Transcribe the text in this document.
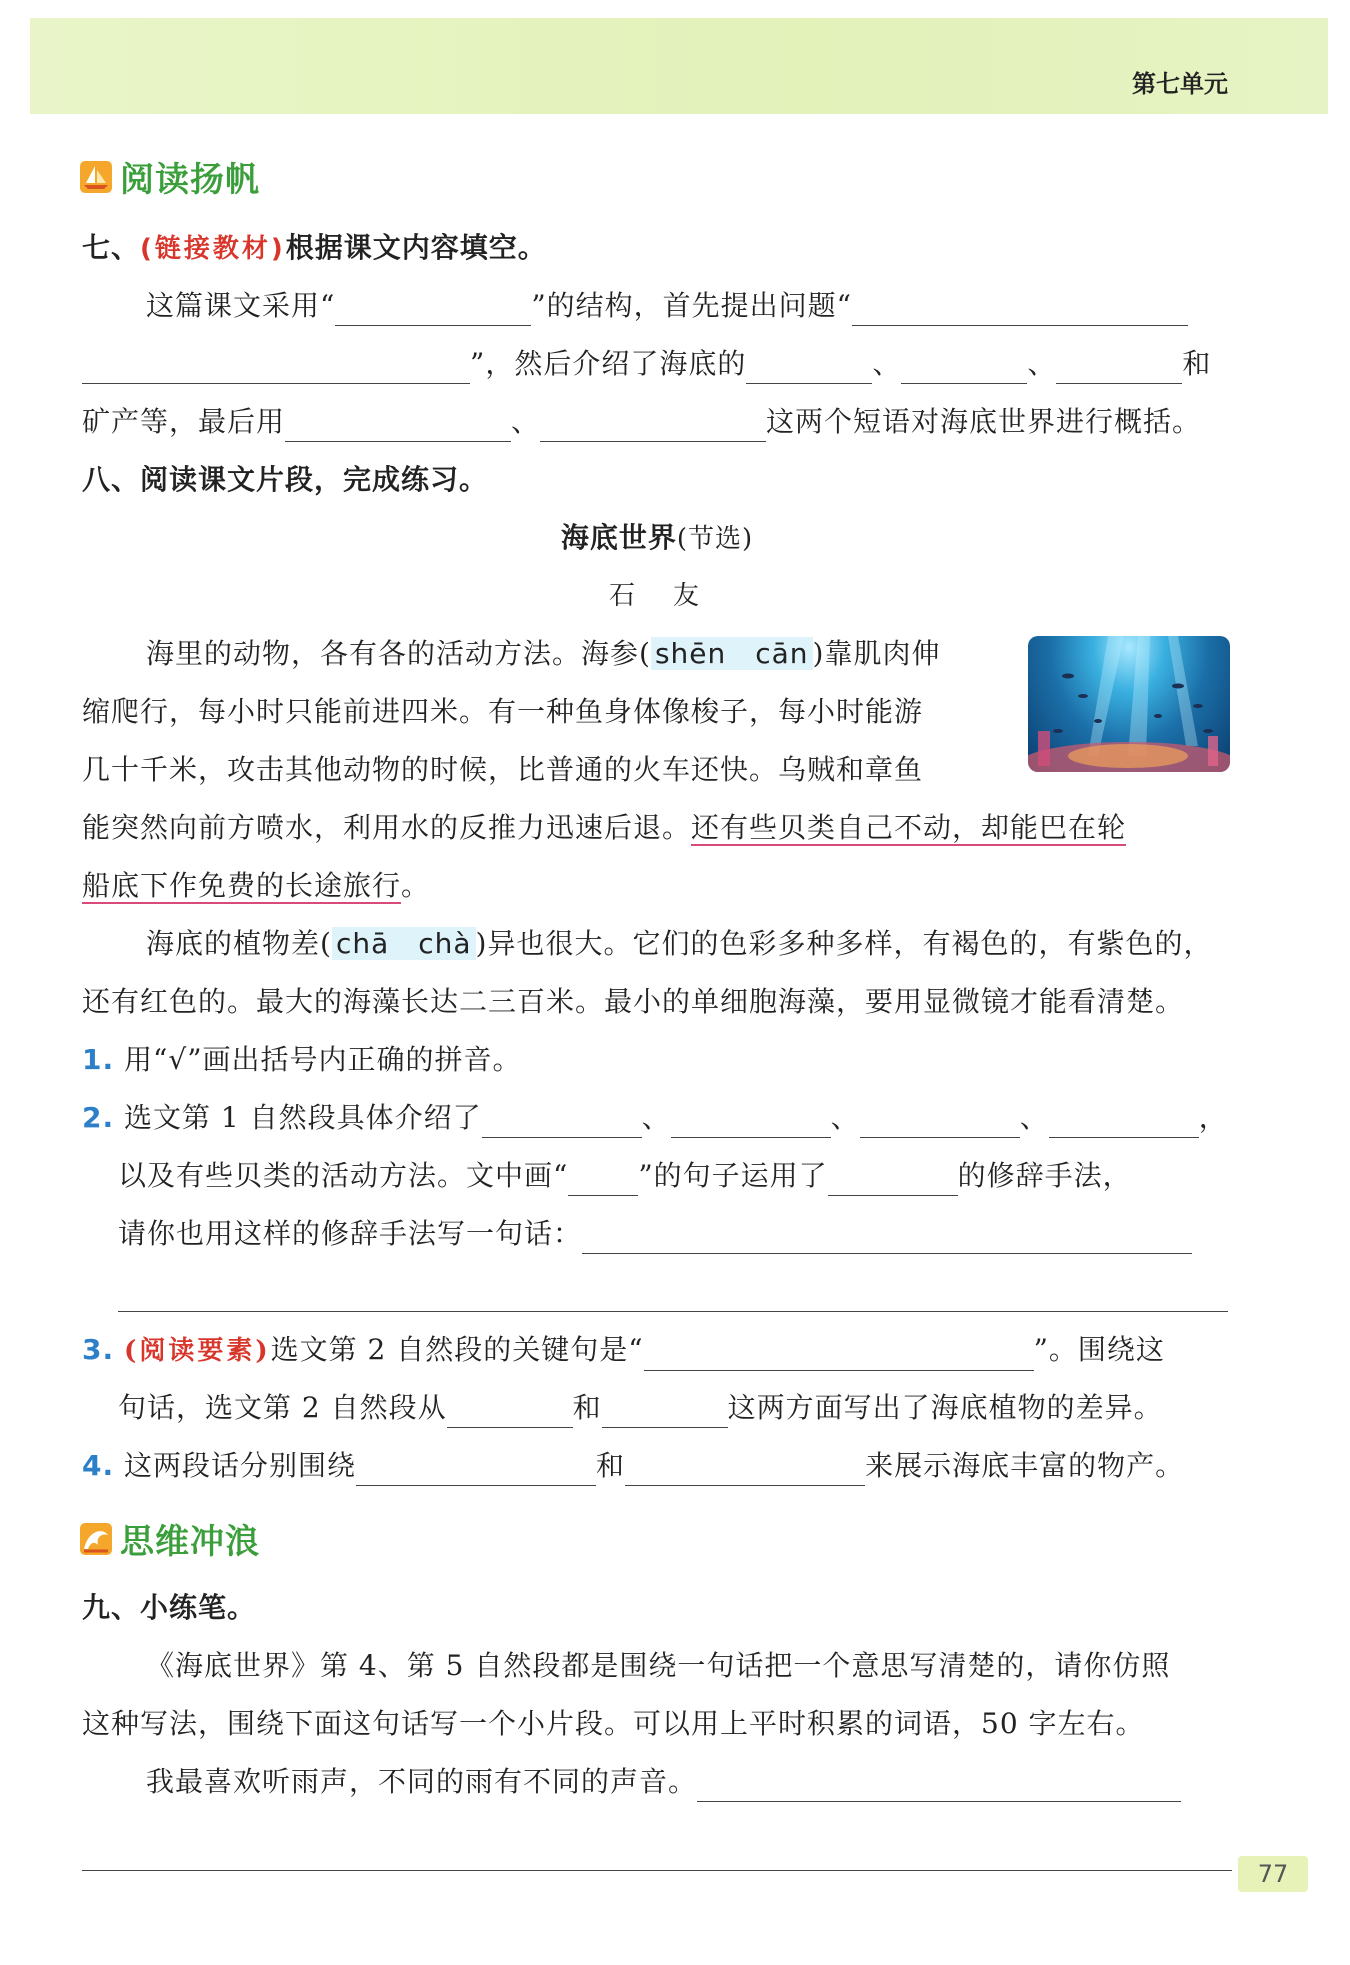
第七单元
阅读扬帆
七、(链接教材)根据课文内容填空。
这篇课文采用“	”的结构，首先提出问题“
”，然后介绍了海底的	、	、	和
矿产等，最后用	、	这两个短语对海底世界进行概括。
八、阅读课文片段，完成练习。
海底世界(节选)
石　友
海里的动物，各有各的活动方法。海参( shēn　cān )靠肌肉伸
缩爬行，每小时只能前进四米。有一种鱼身体像梭子，每小时能游
几十千米，攻击其他动物的时候，比普通的火车还快。乌贼和章鱼
能突然向前方喷水，利用水的反推力迅速后退。还有些贝类自己不动，却能巴在轮
船底下作免费的长途旅行。
海底的植物差( chā　chà )异也很大。它们的色彩多种多样，有褐色的，有紫色的，
还有红色的。最大的海藻长达二三百米。最小的单细胞海藻，要用显微镜才能看清楚。
1. 用“√”画出括号内正确的拼音。
2. 选文第 1 自然段具体介绍了	、	、	、	，
以及有些贝类的活动方法。文中画“	”的句子运用了	的修辞手法，
请你也用这样的修辞手法写一句话：
3. (阅读要素)选文第 2 自然段的关键句是“	”。围绕这
句话，选文第 2 自然段从	和	这两方面写出了海底植物的差异。
4. 这两段话分别围绕	和	来展示海底丰富的物产。
思维冲浪
九、小练笔。
《海底世界》第 4、第 5 自然段都是围绕一句话把一个意思写清楚的，请你仿照
这种写法，围绕下面这句话写一个小片段。可以用上平时积累的词语，50 字左右。
我最喜欢听雨声，不同的雨有不同的声音。
77
